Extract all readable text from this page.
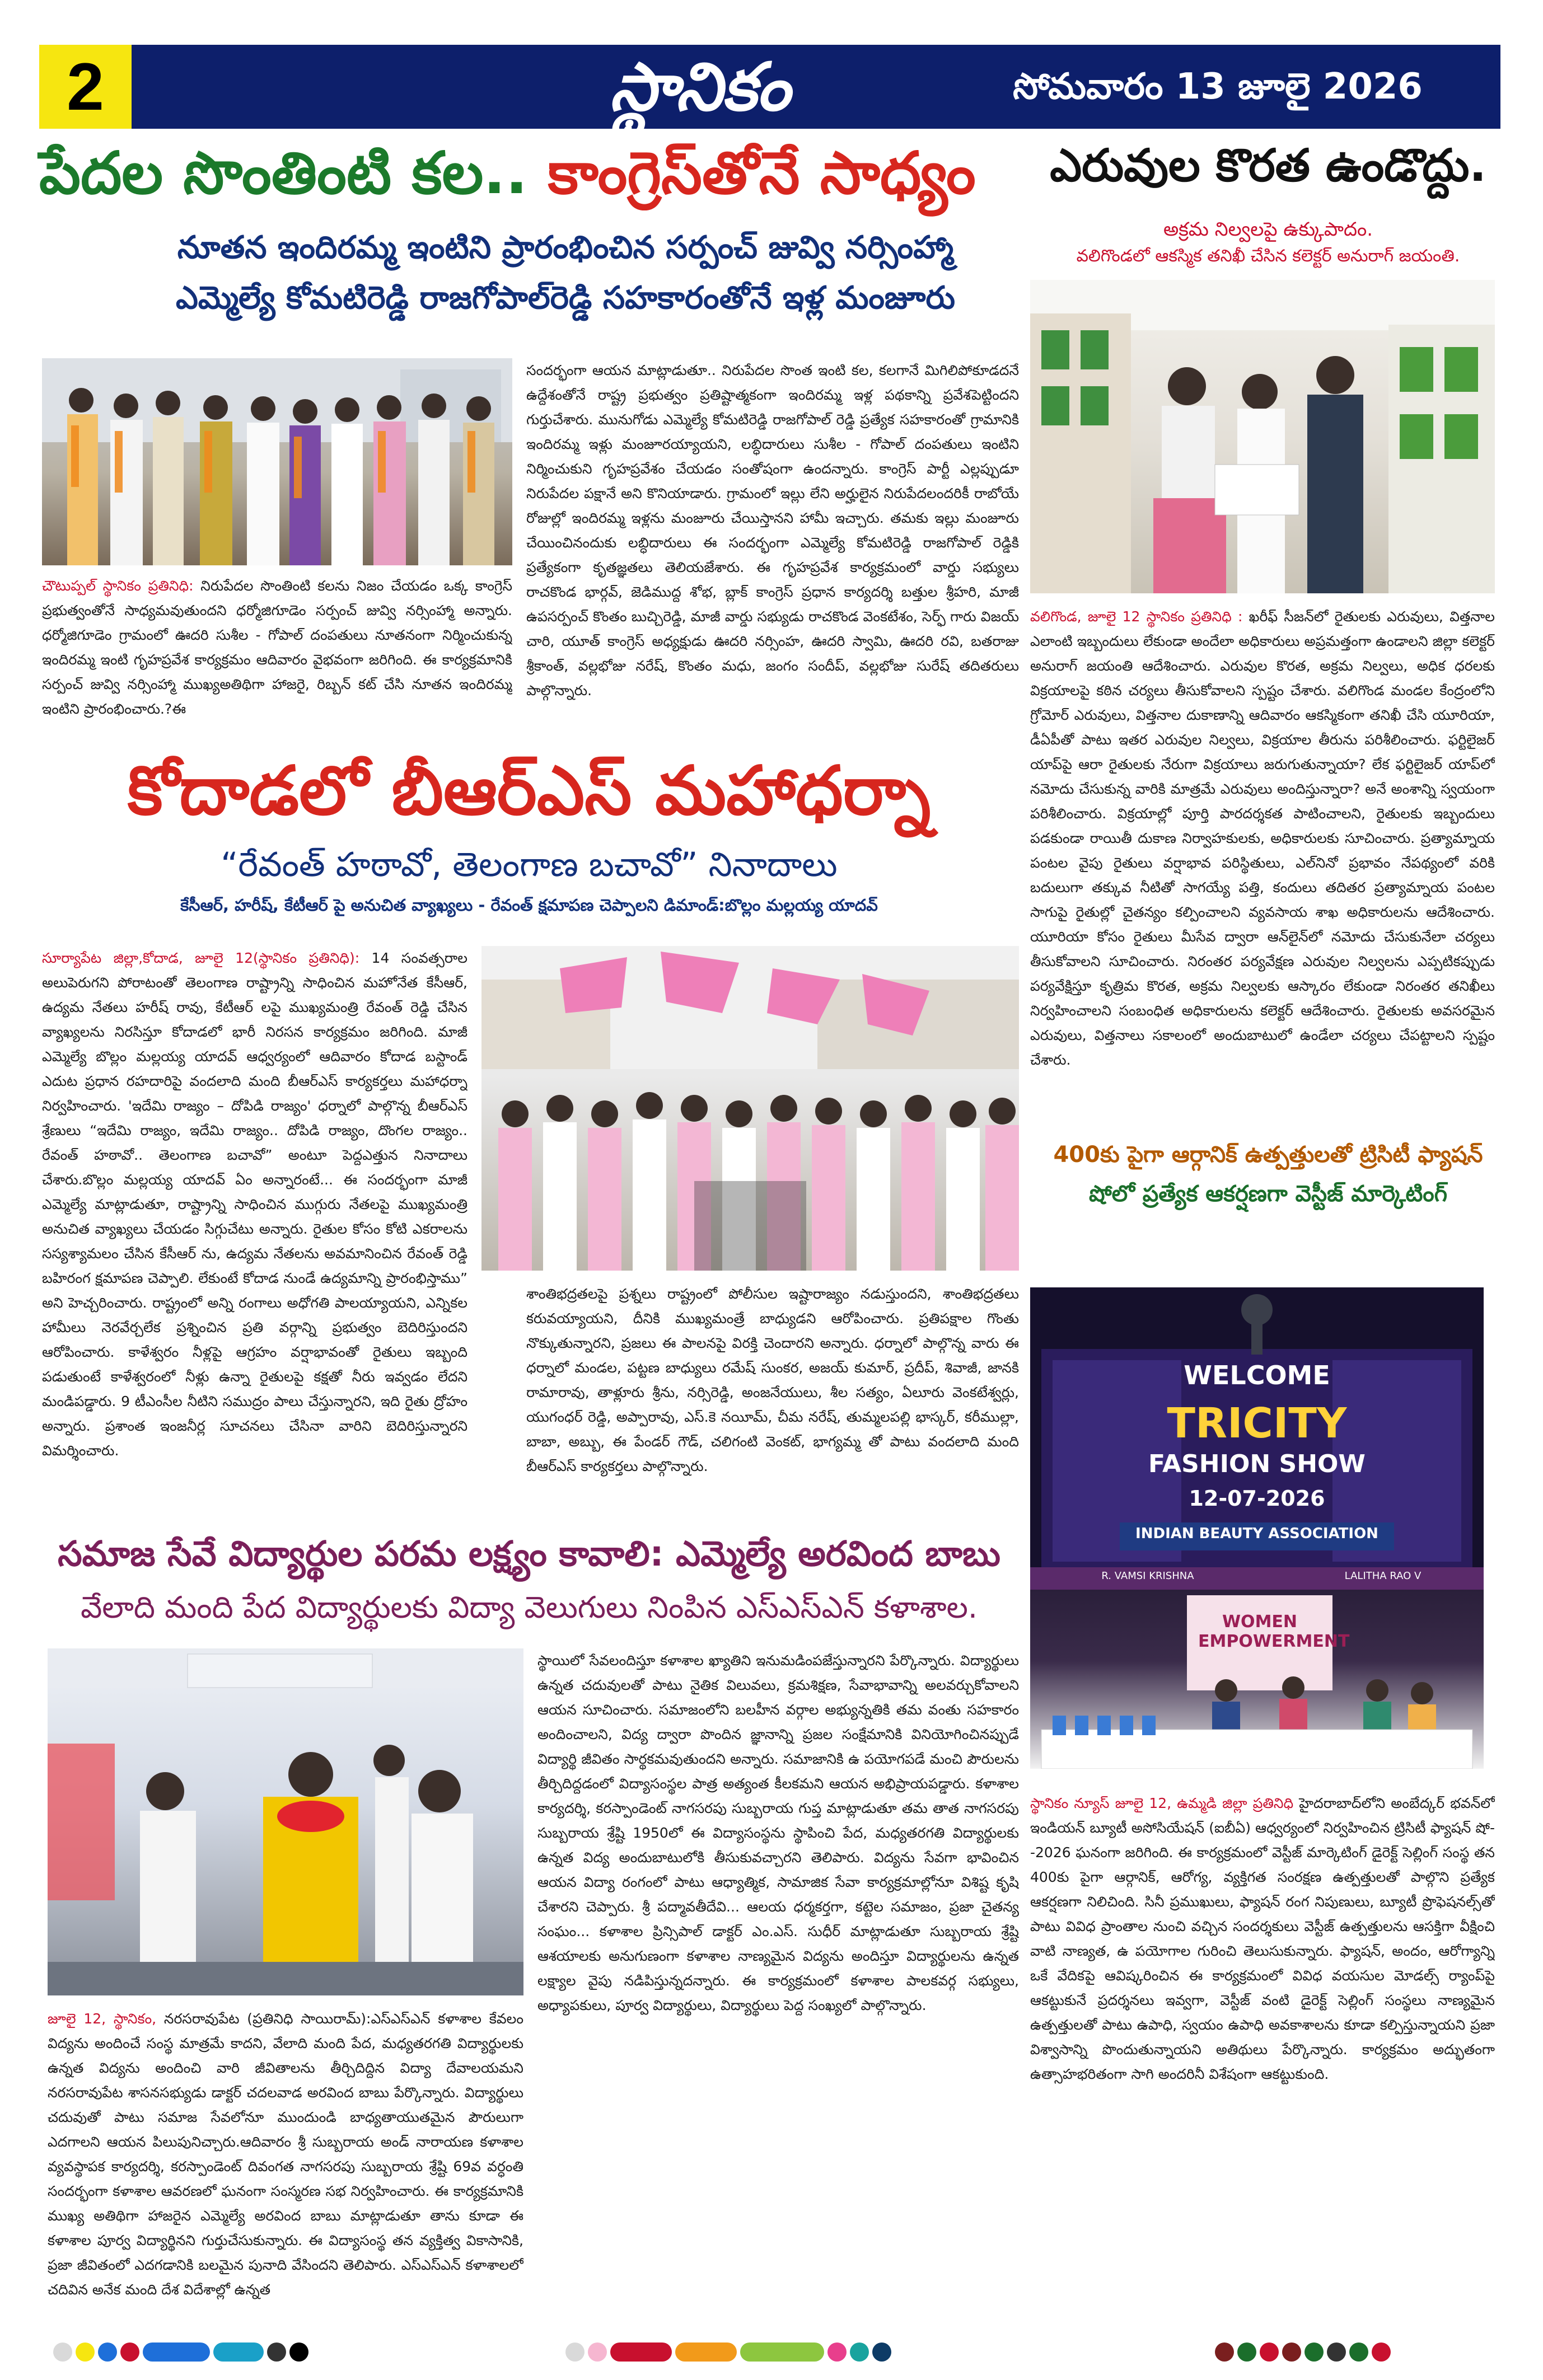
2	స్థానికం	సోమవారం 13 జూలై 2026
పేదల సొంతింటి కల.. కాంగ్రెస్‌తోనే సాధ్యం
నూతన ఇందిరమ్మ ఇంటిని ప్రారంభించిన సర్పంచ్ జువ్వి నర్సింహ్మా
ఎమ్మెల్యే కోమటిరెడ్డి రాజగోపాల్‌రెడ్డి సహకారంతోనే ఇళ్ల మంజూరు
చౌటుప్పల్ స్థానికం ప్రతినిధి: నిరుపేదల సొంతింటి కలను నిజం చేయడం ఒక్క కాంగ్రెస్ ప్రభుత్వంతోనే సాధ్యమవుతుందని ధర్మోజిగూడెం సర్పంచ్ జువ్వి నర్సింహ్మా అన్నారు. ధర్మోజిగూడెం గ్రామంలో ఊదరి సుశీల - గోపాల్ దంపతులు నూతనంగా నిర్మించుకున్న ఇందిరమ్మ ఇంటి గృహప్రవేశ కార్యక్రమం ఆదివారం వైభవంగా జరిగింది. ఈ కార్యక్రమానికి సర్పంచ్ జువ్వి నర్సింహ్మా ముఖ్యఅతిథిగా హాజరై, రిబ్బన్ కట్ చేసి నూతన ఇందిరమ్మ ఇంటిని ప్రారంభించారు.?ఈ
సందర్భంగా ఆయన మాట్లాడుతూ.. నిరుపేదల సొంత ఇంటి కల, కలగానే మిగిలిపోకూడదనే ఉద్దేశంతోనే రాష్ట్ర ప్రభుత్వం ప్రతిష్టాత్మకంగా ఇందిరమ్మ ఇళ్ల పథకాన్ని ప్రవేశపెట్టిందని గుర్తుచేశారు. మునుగోడు ఎమ్మెల్యే కోమటిరెడ్డి రాజగోపాల్ రెడ్డి ప్రత్యేక సహకారంతో గ్రామానికి ఇందిరమ్మ ఇళ్లు మంజూరయ్యాయని, లబ్ధిదారులు సుశీల - గోపాల్ దంపతులు ఇంటిని నిర్మించుకుని గృహప్రవేశం చేయడం సంతోషంగా ఉందన్నారు. కాంగ్రెస్ పార్టీ ఎల్లప్పుడూ నిరుపేదల పక్షానే అని కొనియాడారు. గ్రామంలో ఇల్లు లేని అర్హులైన నిరుపేదలందరికీ రాబోయే రోజుల్లో ఇందిరమ్మ ఇళ్లను మంజూరు చేయిస్తానని హామీ ఇచ్చారు. తమకు ఇల్లు మంజూరు చేయించినందుకు లబ్ధిదారులు ఈ సందర్భంగా ఎమ్మెల్యే కోమటిరెడ్డి రాజగోపాల్ రెడ్డికి ప్రత్యేకంగా కృతజ్ఞతలు తెలియజేశారు. ఈ గృహప్రవేశ కార్యక్రమంలో వార్డు సభ్యులు రాచకొండ భార్గవ్, జెడిముద్ద శోభ, బ్లాక్ కాంగ్రెస్ ప్రధాన కార్యదర్శి బత్తుల శ్రీహరి, మాజీ ఉపసర్పంచ్ కొంతం బుచ్చిరెడ్డి, మాజీ వార్డు సభ్యుడు రాచకొండ వెంకటేశం, సెర్ఫ్‌ గారు విజయ్ చారి, యూత్ కాంగ్రెస్ అధ్యక్షుడు ఊదరి నర్సింహ, ఊదరి స్వామి, ఊదరి రవి, బతరాజు శ్రీకాంత్, వల్లభోజు నరేష్, కొంతం మధు, జంగం సందీప్, వల్లభోజు సురేష్ తదితరులు పాల్గొన్నారు.
కోదాడలో బీఆర్ఎస్ మహాధర్నా
“రేవంత్ హఠావో, తెలంగాణ బచావో” నినాదాలు
కేసీఆర్, హరీష్, కేటీఆర్ పై అనుచిత వ్యాఖ్యలు - రేవంత్ క్షమాపణ చెప్పాలని డిమాండ్:బొల్లం మల్లయ్య యాదవ్
సూర్యాపేట జిల్లా,కోదాడ, జూలై 12(స్థానికం ప్రతినిధి): 14 సంవత్సరాల అలుపెరుగని పోరాటంతో తెలంగాణ రాష్ట్రాన్ని సాధించిన మహోనేత కేసీఆర్, ఉద్యమ నేతలు హరీష్ రావు, కేటీఆర్ లపై ముఖ్యమంత్రి రేవంత్ రెడ్డి చేసిన వ్యాఖ్యలను నిరసిస్తూ కోదాడలో భారీ నిరసన కార్యక్రమం జరిగింది. మాజీ ఎమ్మెల్యే బొల్లం మల్లయ్య యాదవ్ ఆధ్వర్యంలో ఆదివారం కోదాడ బస్టాండ్ ఎదుట ప్రధాన రహదారిపై వందలాది మంది బీఆర్ఎస్ కార్యకర్తలు మహాధర్నా నిర్వహించారు. 'ఇదేమి రాజ్యం – దోపిడి రాజ్యం' ధర్నాలో పాల్గొన్న బీఆర్ఎస్ శ్రేణులు “ఇదేమి రాజ్యం, ఇదేమి రాజ్యం.. దోపిడి రాజ్యం, దొంగల రాజ్యం.. రేవంత్ హఠావో.. తెలంగాణ బచావో” అంటూ పెద్దఎత్తున నినాదాలు చేశారు.బొల్లం మల్లయ్య యాదవ్ ఏం అన్నారంటే... ఈ సందర్భంగా మాజీ ఎమ్మెల్యే మాట్లాడుతూ, రాష్ట్రాన్ని సాధించిన ముగ్గురు నేతలపై ముఖ్యమంత్రి అనుచిత వ్యాఖ్యలు చేయడం సిగ్గుచేటు అన్నారు. రైతుల కోసం కోటి ఎకరాలను సస్యశ్యామలం చేసిన కేసీఆర్ ను, ఉద్యమ నేతలను అవమానించిన రేవంత్ రెడ్డి బహిరంగ క్షమాపణ చెప్పాలి. లేకుంటే కోదాడ నుండే ఉద్యమాన్ని ప్రారంభిస్తాము” అని హెచ్చరించారు. రాష్ట్రంలో అన్ని రంగాలు అధోగతి పాలయ్యాయని, ఎన్నికల హామీలు నెరవేర్చలేక ప్రశ్నించిన ప్రతి వర్గాన్ని ప్రభుత్వం బెదిరిస్తుందని ఆరోపించారు. కాళేశ్వరం నీళ్లపై ఆగ్రహం వర్షాభావంతో రైతులు ఇబ్బంది పడుతుంటే కాళేశ్వరంలో నీళ్లు ఉన్నా రైతులపై కక్షతో నీరు ఇవ్వడం లేదని మండిపడ్డారు. 9 టీఎంసీల నీటిని సముద్రం పాలు చేస్తున్నారని, ఇది రైతు ద్రోహం అన్నారు. ప్రశాంత ఇంజనీర్ల సూచనలు చేసినా వారిని బెదిరిస్తున్నారని విమర్శించారు.
శాంతిభద్రతలపై ప్రశ్నలు రాష్ట్రంలో పోలీసుల ఇష్టారాజ్యం నడుస్తుందని, శాంతిభద్రతలు కరువయ్యాయని, దీనికి ముఖ్యమంత్రే బాధ్యుడని ఆరోపించారు. ప్రతిపక్షాల గొంతు నొక్కుతున్నారని, ప్రజలు ఈ పాలనపై విరక్తి చెందారని అన్నారు. ధర్నాలో పాల్గొన్న వారు ఈ ధర్నాలో మండల, పట్టణ బాధ్యులు రమేష్ సుంకర, అజయ్ కుమార్, ప్రదీప్, శివాజీ, జానకి రామారావు, తాళ్లూరు శ్రీను, నర్సిరెడ్డి, అంజనేయులు, శీల సత్యం, ఏలూరు వెంకటేశ్వర్లు, యుగంధర్ రెడ్డి, అప్పారావు, ఎస్.కె నయీమ్, చీమ నరేష్, తుమ్మలపల్లి భాస్కర్, కరీముల్లా, బాబా, అబ్బు, ఈ పేండర్ గౌడ్, చలిగంటి వెంకట్, భాగ్యమ్మ తో పాటు వందలాది మంది బీఆర్ఎస్ కార్యకర్తలు పాల్గొన్నారు.
సమాజ సేవే విద్యార్థుల పరమ లక్ష్యం కావాలి: ఎమ్మెల్యే అరవింద బాబు
వేలాది మంది పేద విద్యార్థులకు విద్యా వెలుగులు నింపిన ఎస్ఎస్ఎన్ కళాశాల.
జూలై 12, స్థానికం, నరసరావుపేట (ప్రతినిధి సాయిరామ్):ఎస్ఎస్ఎన్ కళాశాల కేవలం విద్యను అందించే సంస్థ మాత్రమే కాదని, వేలాది మంది పేద, మధ్యతరగతి విద్యార్థులకు ఉన్నత విద్యను అందించి వారి జీవితాలను తీర్చిదిద్దిన విద్యా దేవాలయమని నరసరావుపేట శాసనసభ్యుడు డాక్టర్ చదలవాడ అరవింద బాబు పేర్కొన్నారు. విద్యార్థులు చదువుతో పాటు సమాజ సేవలోనూ ముందుండి బాధ్యతాయుతమైన పౌరులుగా ఎదగాలని ఆయన పిలుపునిచ్చారు.ఆదివారం శ్రీ సుబ్బరాయ అండ్ నారాయణ కళాశాల వ్యవస్థాపక కార్యదర్శి, కరస్పాండెంట్ దివంగత నాగసరపు సుబ్బరాయ శ్రేష్టి 69వ వర్ధంతి సందర్భంగా కళాశాల ఆవరణలో ఘనంగా సంస్మరణ సభ నిర్వహించారు. ఈ కార్యక్రమానికి ముఖ్య అతిథిగా హాజరైన ఎమ్మెల్యే అరవింద బాబు మాట్లాడుతూ తాను కూడా ఈ కళాశాల పూర్వ విద్యార్థినని గుర్తుచేసుకున్నారు. ఈ విద్యాసంస్థ తన వ్యక్తిత్వ వికాసానికి, ప్రజా జీవితంలో ఎదగడానికి బలమైన పునాది వేసిందని తెలిపారు. ఎస్ఎస్ఎన్ కళాశాలలో చదివిన అనేక మంది దేశ విదేశాల్లో ఉన్నత
స్థాయిలో సేవలందిస్తూ కళాశాల ఖ్యాతిని ఇనుమడింపజేస్తున్నారని పేర్కొన్నారు. విద్యార్థులు ఉన్నత చదువులతో పాటు నైతిక విలువలు, క్రమశిక్షణ, సేవాభావాన్ని అలవర్చుకోవాలని ఆయన సూచించారు. సమాజంలోని బలహీన వర్గాల అభ్యున్నతికి తమ వంతు సహకారం అందించాలని, విద్య ద్వారా పొందిన జ్ఞానాన్ని ప్రజల సంక్షేమానికి వినియోగించినప్పుడే విద్యార్థి జీవితం సార్థకమవుతుందని అన్నారు. సమాజానికి ఉ పయోగపడే మంచి పౌరులను తీర్చిదిద్దడంలో విద్యాసంస్థల పాత్ర అత్యంత కీలకమని ఆయన అభిప్రాయపడ్డారు. కళాశాల కార్యదర్శి, కరస్పాండెంట్ నాగసరపు సుబ్బరాయ గుప్త మాట్లాడుతూ తమ తాత నాగసరపు సుబ్బరాయ శ్రేష్టి 1950లో ఈ విద్యాసంస్థను స్థాపించి పేద, మధ్యతరగతి విద్యార్థులకు ఉన్నత విద్య అందుబాటులోకి తీసుకువచ్చారని తెలిపారు. విద్యను సేవగా భావించిన ఆయన విద్యా రంగంలో పాటు ఆధ్యాత్మిక, సామాజిక సేవా కార్యక్రమాల్లోనూ విశిష్ట కృషి చేశారని చెప్పారు. శ్రీ పద్మావతీదేవి... ఆలయ ధర్మకర్తగా, కట్టెల సమాజం, ప్రజా చైతన్య సంఘం... కళాశాల ప్రిన్సిపాల్ డాక్టర్ ఎం.ఎస్. సుధీర్ మాట్లాడుతూ సుబ్బరాయ శ్రేష్టి ఆశయాలకు అనుగుణంగా కళాశాల నాణ్యమైన విద్యను అందిస్తూ విద్యార్థులను ఉన్నత లక్ష్యాల వైపు నడిపిస్తున్నదన్నారు. ఈ కార్యక్రమంలో కళాశాల పాలకవర్గ సభ్యులు, అధ్యాపకులు, పూర్వ విద్యార్థులు, విద్యార్థులు పెద్ద సంఖ్యలో పాల్గొన్నారు.
ఎరువుల కొరత ఉండొద్దు.
అక్రమ నిల్వలపై ఉక్కుపాదం.
వలిగొండలో ఆకస్మిక తనిఖీ చేసిన కలెక్టర్ అనురాగ్ జయంతి.
వలిగొండ, జూలై 12 స్థానికం ప్రతినిధి : ఖరీఫ్ సీజన్‌లో రైతులకు ఎరువులు, విత్తనాల ఎలాంటి ఇబ్బందులు లేకుండా అందేలా అధికారులు అప్రమత్తంగా ఉండాలని జిల్లా కలెక్టర్ అనురాగ్ జయంతి ఆదేశించారు. ఎరువుల కొరత, అక్రమ నిల్వలు, అధిక ధరలకు విక్రయాలపై కఠిన చర్యలు తీసుకోవాలని స్పష్టం చేశారు. వలిగొండ మండల కేంద్రంలోని గ్రోమోర్ ఎరువులు, విత్తనాల దుకాణాన్ని ఆదివారం ఆకస్మికంగా తనిఖీ చేసి యూరియా, డీఏపీతో పాటు ఇతర ఎరువుల నిల్వలు, విక్రయాల తీరును పరిశీలించారు. ఫర్టిలైజర్ యాప్‌పై ఆరా రైతులకు నేరుగా విక్రయాలు జరుగుతున్నాయా? లేక ఫర్టిలైజర్ యాప్‌లో నమోదు చేసుకున్న వారికి మాత్రమే ఎరువులు అందిస్తున్నారా? అనే అంశాన్ని స్వయంగా పరిశీలించారు. విక్రయాల్లో పూర్తి పారదర్శకత పాటించాలని, రైతులకు ఇబ్బందులు పడకుండా రాయితీ దుకాణ నిర్వాహకులకు, అధికారులకు సూచించారు. ప్రత్యామ్నాయ పంటల వైపు రైతులు వర్షాభావ పరిస్థితులు, ఎల్‌నినో ప్రభావం నేపథ్యంలో వరికి బదులుగా తక్కువ నీటితో సాగయ్యే పత్తి, కందులు తదితర ప్రత్యామ్నాయ పంటల సాగుపై రైతుల్లో చైతన్యం కల్పించాలని వ్యవసాయ శాఖ అధికారులను ఆదేశించారు. యూరియా కోసం రైతులు మీసేవ ద్వారా ఆన్‌లైన్‌లో నమోదు చేసుకునేలా చర్యలు తీసుకోవాలని సూచించారు. నిరంతర పర్యవేక్షణ ఎరువుల నిల్వలను ఎప్పటికప్పుడు పర్యవేక్షిస్తూ కృత్రిమ కొరత, అక్రమ నిల్వలకు ఆస్కారం లేకుండా నిరంతర తనిఖీలు నిర్వహించాలని సంబంధిత అధికారులను కలెక్టర్ ఆదేశించారు. రైతులకు అవసరమైన ఎరువులు, విత్తనాలు సకాలంలో అందుబాటులో ఉండేలా చర్యలు చేపట్టాలని స్పష్టం చేశారు.
400కు పైగా ఆర్గానిక్ ఉత్పత్తులతో ట్రిసిటీ ఫ్యాషన్
షోలో ప్రత్యేక ఆకర్షణగా వెస్టీజ్ మార్కెటింగ్
WELCOME
TRICITY
FASHION SHOW
12-07-2026
INDIAN BEAUTY ASSOCIATION
R. VAMSI KRISHNA	LALITHA RAO V
WOMEN EMPOWERMENT
స్థానికం న్యూస్ జూలై 12, ఉమ్మడి జిల్లా ప్రతినిధి హైదరాబాద్‌లోని అంబేద్కర్ భవన్‌లో ఇండియన్ బ్యూటీ అసోసియేషన్ (ఐబీఏ) ఆధ్వర్యంలో నిర్వహించిన ట్రిసిటీ ఫ్యాషన్ షో--2026 ఘనంగా జరిగింది. ఈ కార్యక్రమంలో వెస్టీజ్ మార్కెటింగ్ డైరెక్ట్ సెల్లింగ్ సంస్థ తన 400కు పైగా ఆర్గానిక్, ఆరోగ్య, వ్యక్తిగత సంరక్షణ ఉత్పత్తులతో పాల్గొని ప్రత్యేక ఆకర్షణగా నిలిచింది. సినీ ప్రముఖులు, ఫ్యాషన్ రంగ నిపుణులు, బ్యూటీ ప్రొఫెషనల్స్‌తో పాటు వివిధ ప్రాంతాల నుంచి వచ్చిన సందర్శకులు వెస్టీజ్ ఉత్పత్తులను ఆసక్తిగా వీక్షించి వాటి నాణ్యత, ఉ పయోగాల గురించి తెలుసుకున్నారు. ఫ్యాషన్, అందం, ఆరోగ్యాన్ని ఒకే వేదికపై ఆవిష్కరించిన ఈ కార్యక్రమంలో వివిధ వయసుల మోడల్స్ ర్యాంప్‌పై ఆకట్టుకునే ప్రదర్శనలు ఇవ్వగా, వెస్టీజ్ వంటి డైరెక్ట్ సెల్లింగ్ సంస్థలు నాణ్యమైన ఉత్పత్తులతో పాటు ఉపాధి, స్వయం ఉపాధి అవకాశాలను కూడా కల్పిస్తున్నాయని ప్రజా విశ్వాసాన్ని పొందుతున్నాయని అతిథులు పేర్కొన్నారు. కార్యక్రమం అద్భుతంగా ఉత్సాహభరితంగా సాగి అందరినీ విశేషంగా ఆకట్టుకుంది.
